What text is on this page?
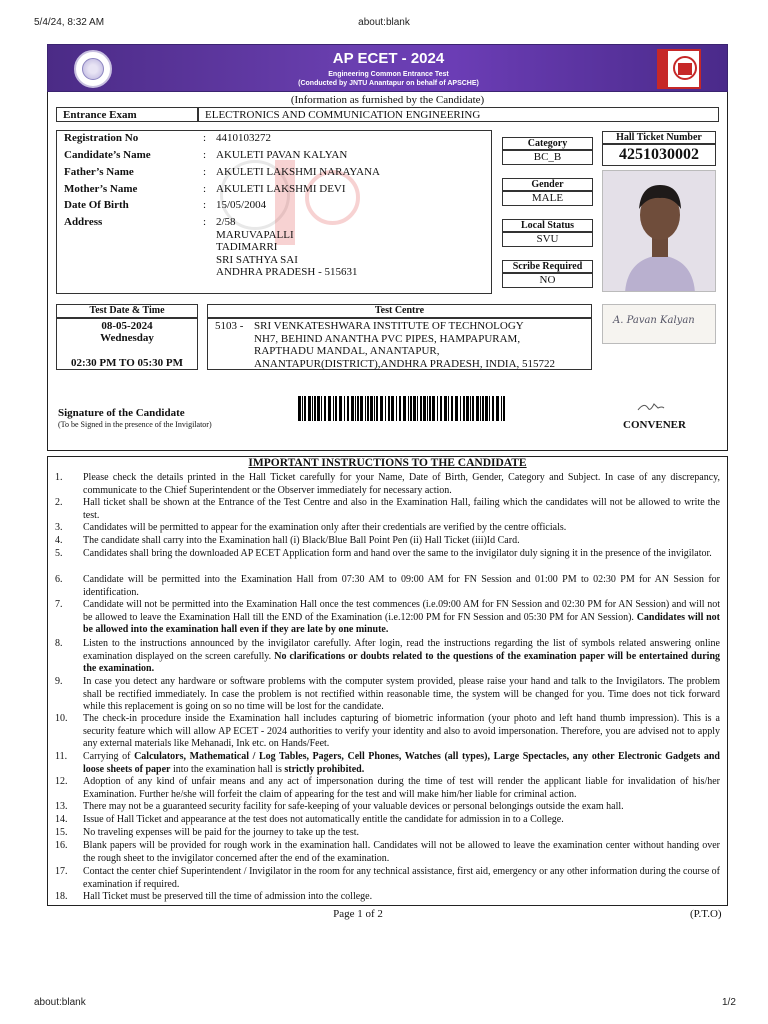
5/4/24, 8:32 AM	about:blank
AP ECET - 2024
Engineering Common Entrance Test
(Conducted by JNTU Anantapur on behalf of APSCHE)
(Information as furnished by the Candidate)
Entrance Exam	ELECTRONICS AND COMMUNICATION ENGINEERING
Registration No	: 4410103272
Candidate’s Name	: AKULETI PAVAN KALYAN
Father’s Name	: AKULETI LAKSHMI NARAYANA
Mother’s Name	: AKULETI LAKSHMI DEVI
Date Of Birth	: 15/05/2004
Address	: 2/58
MARUVAPALLI
TADIMARRI
SRI SATHYA SAI
ANDHRA PRADESH - 515631
Category
BC_B
Gender
MALE
Local Status
SVU
Scribe Required
NO
Hall Ticket Number
4251030002
Test Date & Time
08-05-2024
Wednesday
02:30 PM TO 05:30 PM
Test Centre
5103 - SRI VENKATESHWARA INSTITUTE OF TECHNOLOGY
NH7, BEHIND ANANTHA PVC PIPES, HAMPAPURAM,
RAPTHADU MANDAL, ANANTAPUR,
ANANTAPUR(DISTRICT),ANDHRA PRADESH, INDIA, 515722
A. Pavan Kalyan
Signature of the Candidate
(To be Signed in the presence of the Invigilator)	CONVENER
IMPORTANT INSTRUCTIONS TO THE CANDIDATE
1.	Please check the details printed in the Hall Ticket carefully for your Name, Date of Birth, Gender, Category and Subject. In case of any discrepancy, communicate to the Chief Superintendent or the Observer immediately for necessary action.
2.	Hall ticket shall be shown at the Entrance of the Test Centre and also in the Examination Hall, failing which the candidates will not be allowed to write the test.
3.	Candidates will be permitted to appear for the examination only after their credentials are verified by the centre officials.
4.	The candidate shall carry into the Examination hall (i) Black/Blue Ball Point Pen (ii) Hall Ticket (iii)Id Card.
5.	Candidates shall bring the downloaded AP ECET Application form and hand over the same to the invigilator duly signing it in the presence of the invigilator.
6.	Candidate will be permitted into the Examination Hall from 07:30 AM to 09:00 AM for FN Session and 01:00 PM to 02:30 PM for AN Session for identification.
7.	Candidate will not be permitted into the Examination Hall once the test commences (i.e.09:00 AM for FN Session and 02:30 PM for AN Session) and will not be allowed to leave the Examination Hall till the END of the Examination (i.e.12:00 PM for FN Session and 05:30 PM for AN Session). Candidates will not be allowed into the examination hall even if they are late by one minute.
8.	Listen to the instructions announced by the invigilator carefully. After login, read the instructions regarding the list of symbols related answering online examination displayed on the screen carefully. No clarifications or doubts related to the questions of the examination paper will be entertained during the examination.
9.	In case you detect any hardware or software problems with the computer system provided, please raise your hand and talk to the Invigilators. The problem shall be rectified immediately. In case the problem is not rectified within reasonable time, the system will be changed for you. Time does not tick forward while this replacement is going on so no time will be lost for the candidate.
10.	The check-in procedure inside the Examination hall includes capturing of biometric information (your photo and left hand thumb impression). This is a security feature which will allow AP ECET - 2024 authorities to verify your identity and also to avoid impersonation. Therefore, you are advised not to apply any external materials like Mehanadi, Ink etc. on Hands/Feet.
11.	Carrying of Calculators, Mathematical / Log Tables, Pagers, Cell Phones, Watches (all types), Large Spectacles, any other Electronic Gadgets and loose sheets of paper into the examination hall is strictly prohibited.
12.	Adoption of any kind of unfair means and any act of impersonation during the time of test will render the applicant liable for invalidation of his/her Examination. Further he/she will forfeit the claim of appearing for the test and will make him/her liable for criminal action.
13.	There may not be a guaranteed security facility for safe-keeping of your valuable devices or personal belongings outside the exam hall.
14.	Issue of Hall Ticket and appearance at the test does not automatically entitle the candidate for admission in to a College.
15.	No traveling expenses will be paid for the journey to take up the test.
16.	Blank papers will be provided for rough work in the examination hall. Candidates will not be allowed to leave the examination center without handing over the rough sheet to the invigilator concerned after the end of the examination.
17.	Contact the center chief Superintendent / Invigilator in the room for any technical assistance, first aid, emergency or any other information during the course of examination if required.
18.	Hall Ticket must be preserved till the time of admission into the college.
Page 1 of 2	(P.T.O)
about:blank	1/2
